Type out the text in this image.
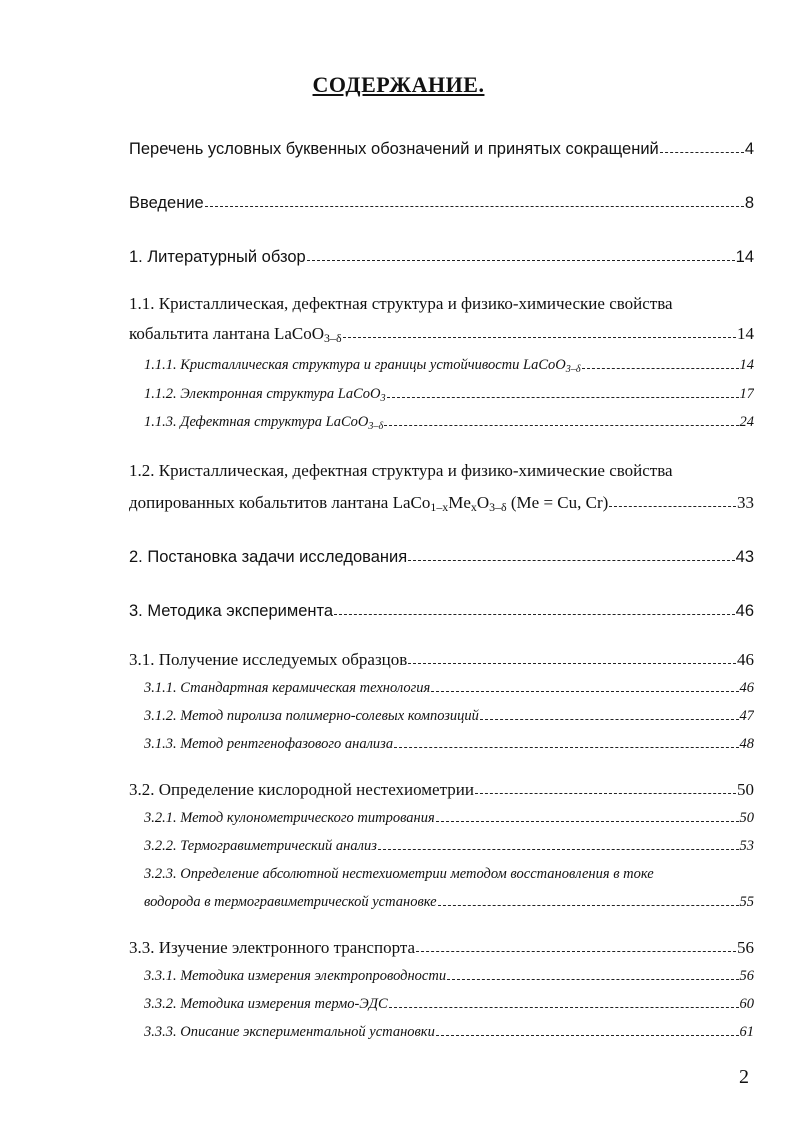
СОДЕРЖАНИЕ.
Перечень условных буквенных обозначений и принятых сокращений	4
Введение	8
1. Литературный обзор	14
1.1. Кристаллическая, дефектная структура и физико-химические свойства
кобальтита лантана LaCoO$_{3-\delta}$	14
1.1.1. Кристаллическая структура и границы устойчивости LaCoO$_{3-\delta}$	14
1.1.2. Электронная структура LaCoO$_3$	17
1.1.3. Дефектная структура LaCoO$_{3-\delta}$	24
1.2. Кристаллическая, дефектная структура и физико-химические свойства
допированных кобальтитов лантана $LaCo_{1-x}Me_xO_{3-\delta}$ (Me = Cu, Cr)	33
2. Постановка задачи исследования	43
3. Методика эксперимента	46
3.1. Получение исследуемых образцов	46
3.1.1. Стандартная керамическая технология	46
3.1.2. Метод пиролиза полимерно-солевых композиций	47
3.1.3. Метод рентгенофазового анализа	48
3.2. Определение кислородной нестехиометрии	50
3.2.1. Метод кулонометрического титрования	50
3.2.2. Термогравиметрический анализ	53
3.2.3. Определение абсолютной нестехиометрии методом восстановления в токе
водорода в термогравиметрической установке	55
3.3. Изучение электронного транспорта	56
3.3.1. Методика измерения электропроводности	56
3.3.2. Методика измерения термо-ЭДС	60
3.3.3. Описание экспериментальной установки	61
2
